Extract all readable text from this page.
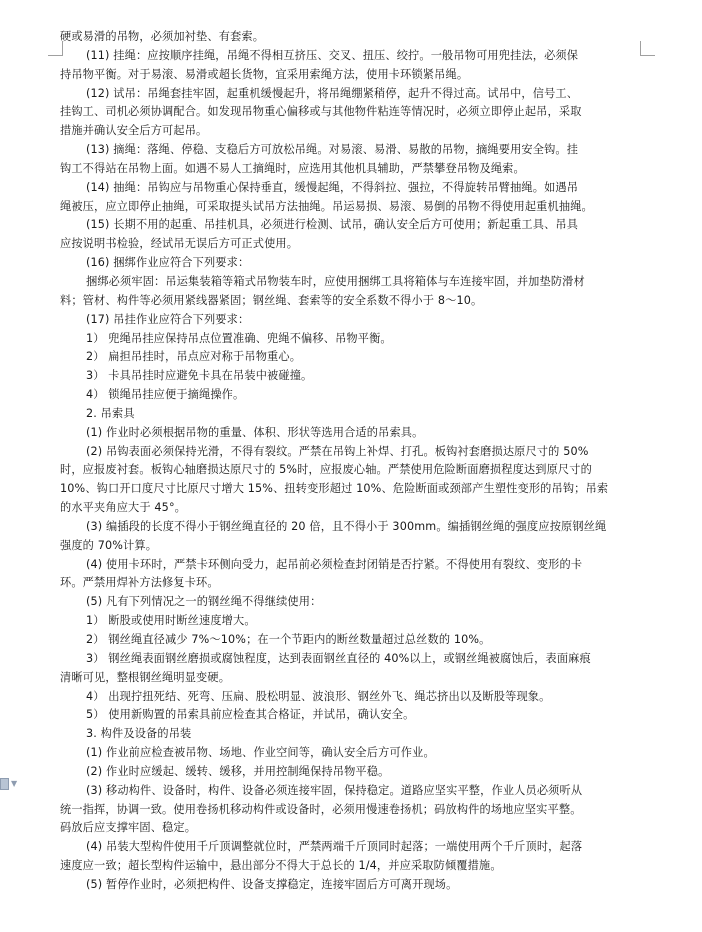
硬或易滑的吊物，必须加衬垫、有套索。
(11) 挂绳：应按顺序挂绳，吊绳不得相互挤压、交叉、扭压、绞拧。一般吊物可用兜挂法，必须保
持吊物平衡。对于易滚、易滑或超长货物，宜采用索绳方法，使用卡环锁紧吊绳。
(12) 试吊：吊绳套挂牢固，起重机缓慢起升，将吊绳绷紧稍停，起升不得过高。试吊中，信号工、
挂钩工、司机必须协调配合。如发现吊物重心偏移或与其他物件粘连等情况时，必须立即停止起吊，采取
措施并确认安全后方可起吊。
(13) 摘绳：落绳、停稳、支稳后方可放松吊绳。对易滚、易滑、易散的吊物，摘绳要用安全钩。挂
钩工不得站在吊物上面。如遇不易人工摘绳时，应选用其他机具辅助，严禁攀登吊物及绳索。
(14) 抽绳：吊钩应与吊物重心保持垂直，缓慢起绳，不得斜拉、强拉，不得旋转吊臂抽绳。如遇吊
绳被压，应立即停止抽绳，可采取提头试吊方法抽绳。吊运易损、易滚、易倒的吊物不得使用起重机抽绳。
(15) 长期不用的起重、吊挂机具，必须进行检测、试吊，确认安全后方可使用；新起重工具、吊具
应按说明书检验，经试吊无误后方可正式使用。
(16) 捆绑作业应符合下列要求：
捆绑必须牢固：吊运集装箱等箱式吊物装车时，应使用捆绑工具将箱体与车连接牢固，并加垫防滑材
料；管材、构件等必须用紧线器紧固；钢丝绳、套索等的安全系数不得小于 8～10。
(17) 吊挂作业应符合下列要求：
1） 兜绳吊挂应保持吊点位置准确、兜绳不偏移、吊物平衡。
2） 扁担吊挂时，吊点应对称于吊物重心。
3） 卡具吊挂时应避免卡具在吊装中被碰撞。
4） 锁绳吊挂应便于摘绳操作。
2. 吊索具
(1) 作业时必须根据吊物的重量、体积、形状等选用合适的吊索具。
(2) 吊钩表面必须保持光滑，不得有裂纹。严禁在吊钩上补焊、打孔。板钩衬套磨损达原尺寸的 50%
时，应报废衬套。板钩心轴磨损达原尺寸的 5%时，应报废心轴。严禁使用危险断面磨损程度达到原尺寸的
10%、钩口开口度尺寸比原尺寸增大 15%、扭转变形超过 10%、危险断面或颈部产生塑性变形的吊钩；吊索
的水平夹角应大于 45°。
(3) 编插段的长度不得小于钢丝绳直径的 20 倍，且不得小于 300mm。编插钢丝绳的强度应按原钢丝绳
强度的 70%计算。
(4) 使用卡环时，严禁卡环侧向受力，起吊前必须检查封闭销是否拧紧。不得使用有裂纹、变形的卡
环。严禁用焊补方法修复卡环。
(5) 凡有下列情况之一的钢丝绳不得继续使用：
1） 断股或使用时断丝速度增大。
2） 钢丝绳直径减少 7%～10%；在一个节距内的断丝数量超过总丝数的 10%。
3） 钢丝绳表面钢丝磨损或腐蚀程度，达到表面钢丝直径的 40%以上，或钢丝绳被腐蚀后，表面麻痕
清晰可见，整根钢丝绳明显变硬。
4） 出现拧扭死结、死弯、压扁、股松明显、波浪形、钢丝外飞、绳芯挤出以及断股等现象。
5） 使用新购置的吊索具前应检查其合格证，并试吊，确认安全。
3. 构件及设备的吊装
(1) 作业前应检查被吊物、场地、作业空间等，确认安全后方可作业。
(2) 作业时应缓起、缓转、缓移，并用控制绳保持吊物平稳。
(3) 移动构件、设备时，构件、设备必须连接牢固，保持稳定。道路应坚实平整，作业人员必须听从
统一指挥，协调一致。使用卷扬机移动构件或设备时，必须用慢速卷扬机；码放构件的场地应坚实平整。
码放后应支撑牢固、稳定。
(4) 吊装大型构件使用千斤顶调整就位时，严禁两端千斤顶同时起落；一端使用两个千斤顶时，起落
速度应一致；超长型构件运输中，悬出部分不得大于总长的 1/4，并应采取防倾覆措施。
(5) 暂停作业时，必须把构件、设备支撑稳定，连接牢固后方可离开现场。
▼
